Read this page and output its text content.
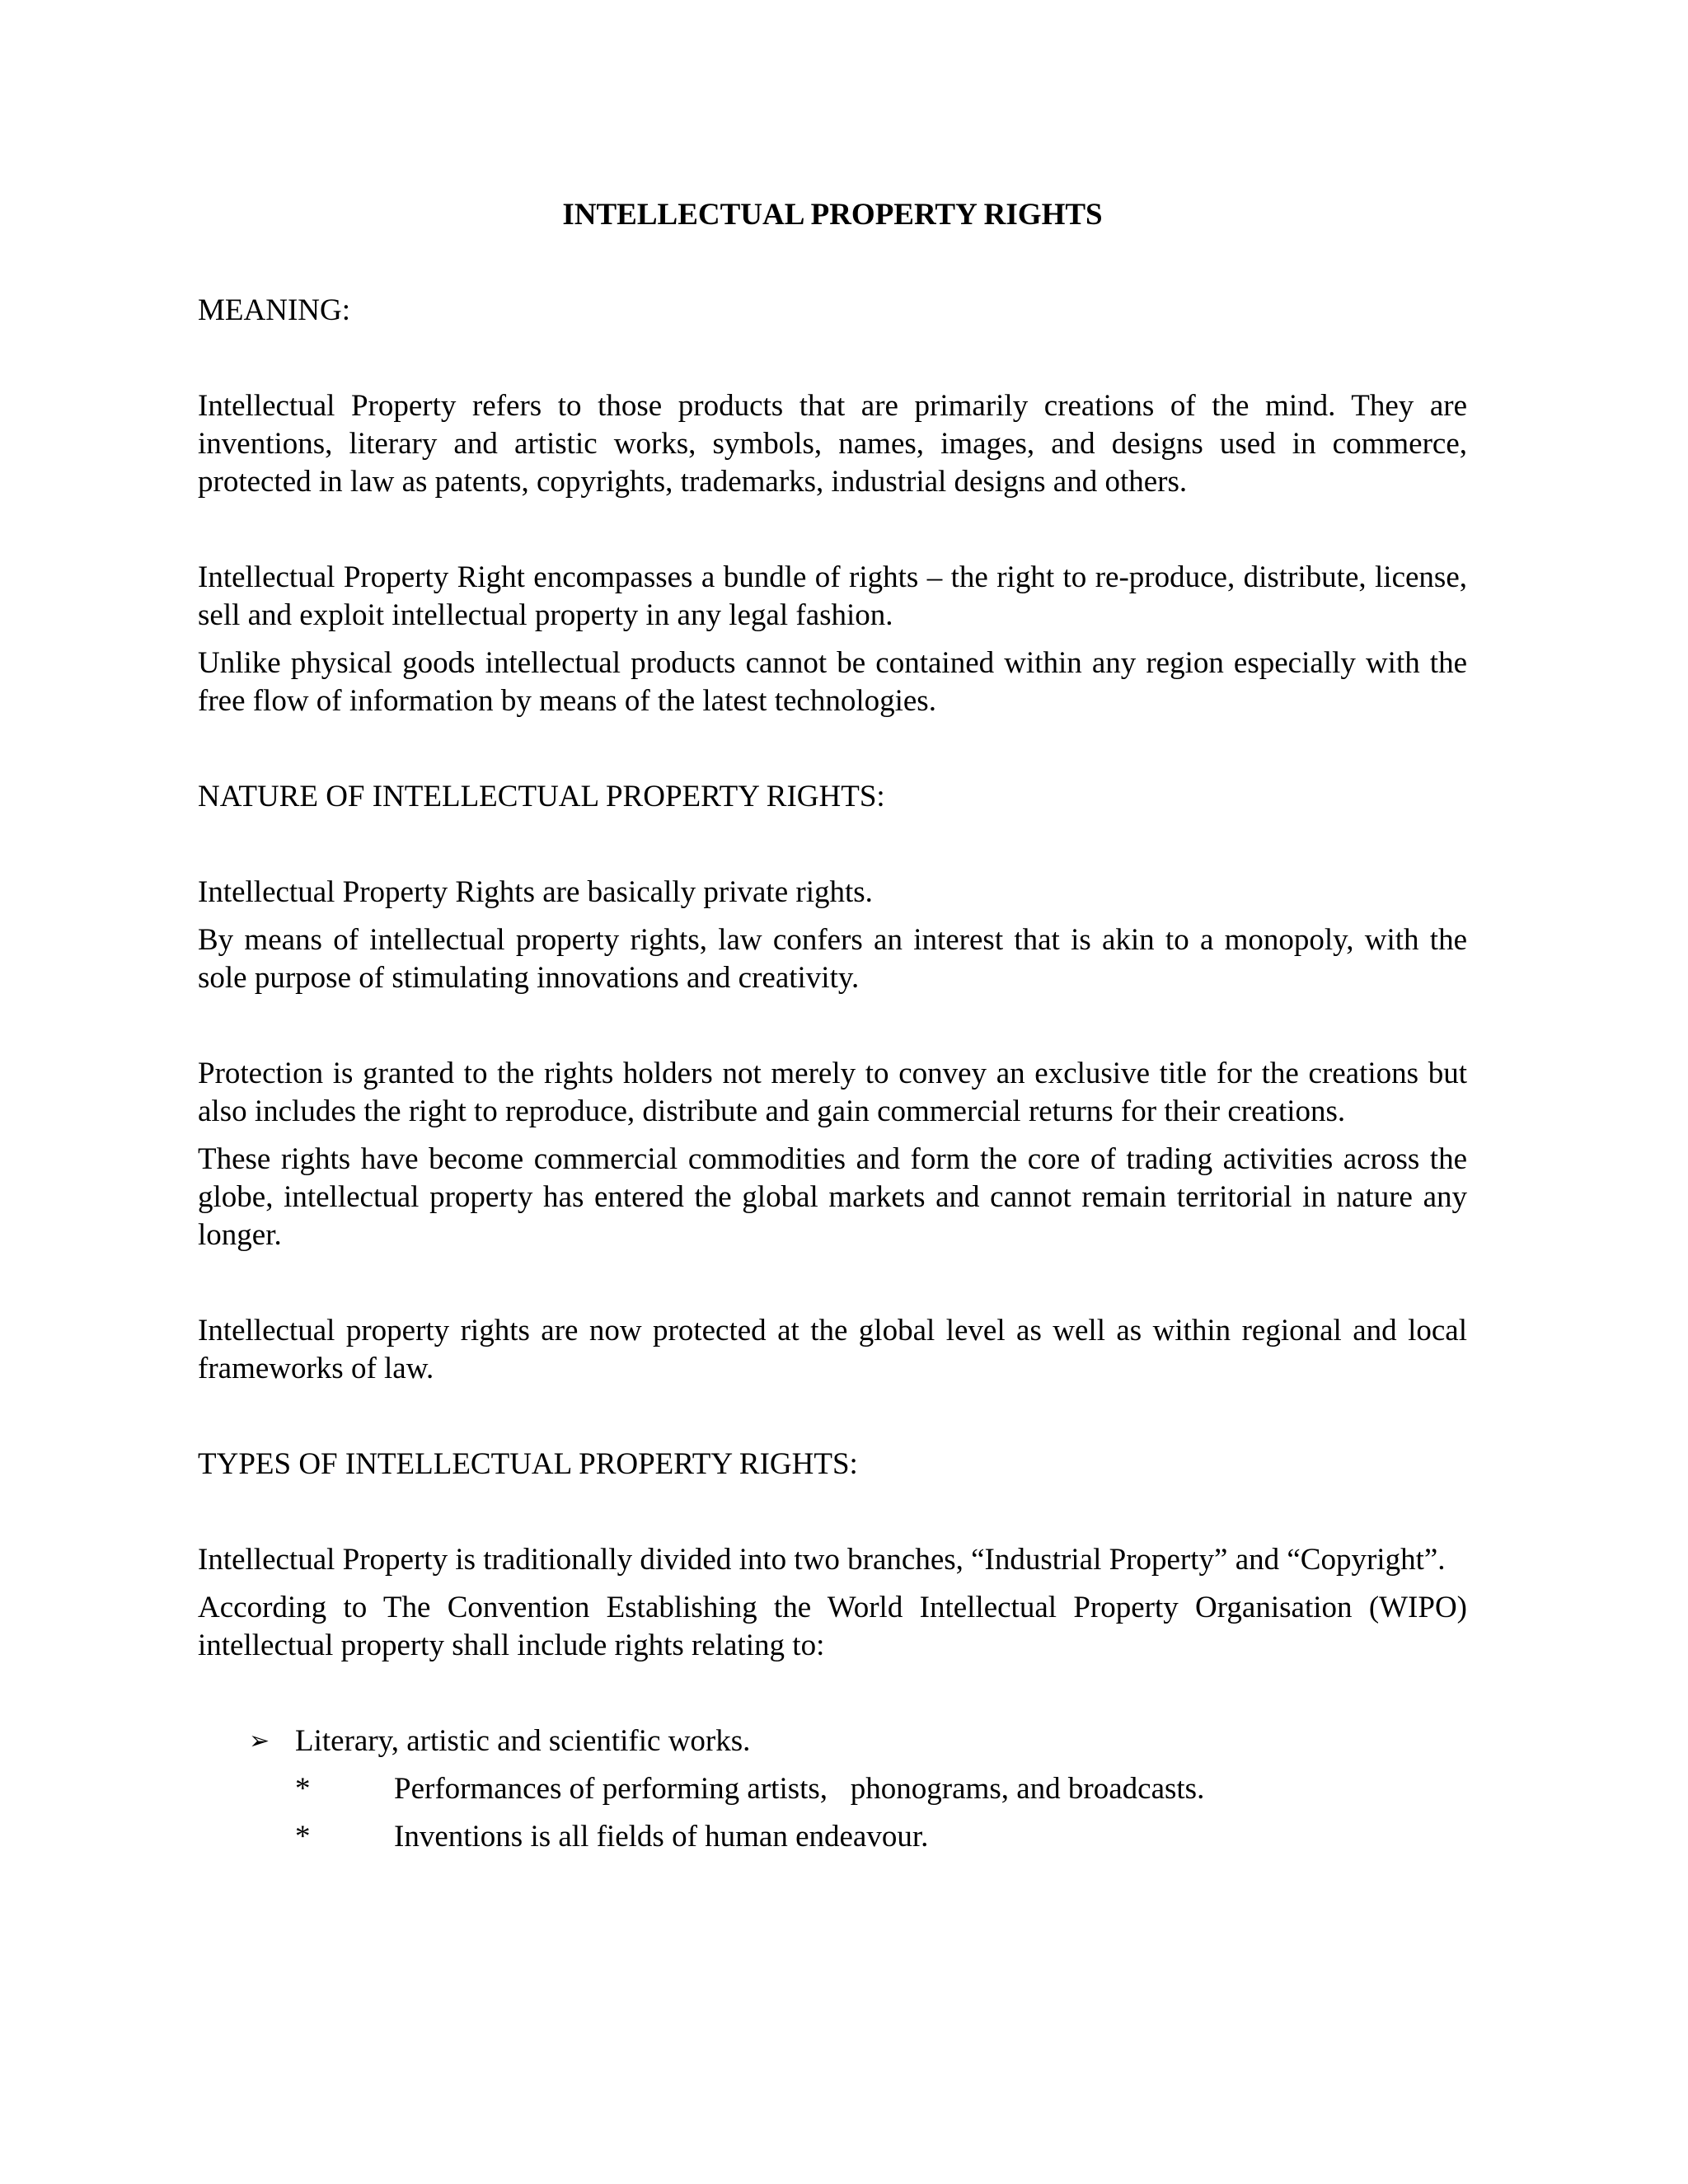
INTELLECTUAL PROPERTY RIGHTS
MEANING:

Intellectual Property refers to those products that are primarily creations of the mind. They are inventions, literary and artistic works, symbols, names, images, and designs used in commerce, protected in law as patents, copyrights, trademarks, industrial designs and others.

Intellectual Property Right encompasses a bundle of rights – the right to re-produce, distribute, license, sell and exploit intellectual property in any legal fashion.

Unlike physical goods intellectual products cannot be contained within any region especially with the free flow of information by means of the latest technologies.

NATURE OF INTELLECTUAL PROPERTY RIGHTS:

Intellectual Property Rights are basically private rights.

By means of intellectual property rights, law confers an interest that is akin to a monopoly, with the sole purpose of stimulating innovations and creativity.

Protection is granted to the rights holders not merely to convey an exclusive title for the creations but also includes the right to reproduce, distribute and gain commercial returns for their creations.

These rights have become commercial commodities and form the core of trading activities across the globe, intellectual property has entered the global markets and cannot remain territorial in nature any longer.

Intellectual property rights are now protected at the global level as well as within regional and local frameworks of law.

TYPES OF INTELLECTUAL PROPERTY RIGHTS:

Intellectual Property is traditionally divided into two branches, “Industrial Property” and “Copyright”.

According to The Convention Establishing the World Intellectual Property Organisation (WIPO) intellectual property shall include rights relating to:

➢ Literary, artistic and scientific works.
*	Performances of performing artists,   phonograms, and broadcasts.
*	Inventions is all fields of human endeavour.
